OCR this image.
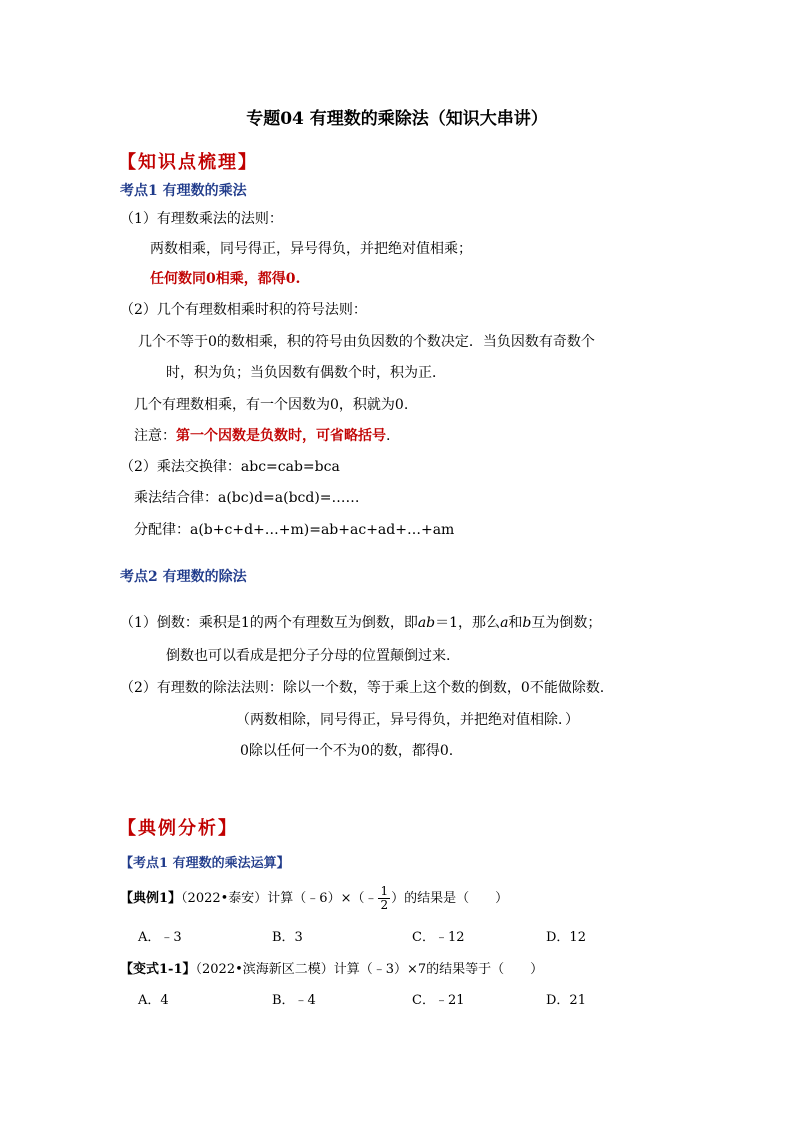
专题04 有理数的乘除法（知识大串讲）
【知识点梳理】
考点1 有理数的乘法
（1）有理数乘法的法则：
两数相乘，同号得正，异号得负，并把绝对值相乘；
任何数同0相乘，都得0.
（2）几个有理数相乘时积的符号法则：
几个不等于0的数相乘，积的符号由负因数的个数决定．当负因数有奇数个
时，积为负；当负因数有偶数个时，积为正．
几个有理数相乘，有一个因数为0，积就为0.
注意：第一个因数是负数时，可省略括号.
（2）乘法交换律：abc=cab=bca
乘法结合律：a(bc)d=a(bcd)=……
分配律：a(b+c+d+…+m)=ab+ac+ad+…+am
考点2 有理数的除法
（1）倒数：乘积是1的两个有理数互为倒数，即ab＝1，那么a和b互为倒数；
倒数也可以看成是把分子分母的位置颠倒过来.
（2）有理数的除法法则：除以一个数，等于乘上这个数的倒数，0不能做除数.
（两数相除，同号得正，异号得负，并把绝对值相除．）
0除以任何一个不为0的数，都得0.
【典例分析】
【考点1 有理数的乘法运算】
【典例1】（2022•泰安）计算（﹣6）×（﹣ $\frac{1}{2}$ ）的结果是（　　）
A．﹣3	B．3	C．﹣12	D．12
【变式1-1】（2022•滨海新区二模）计算（﹣3）×7的结果等于（　　）
A．4	B．﹣4	C．﹣21	D．21
